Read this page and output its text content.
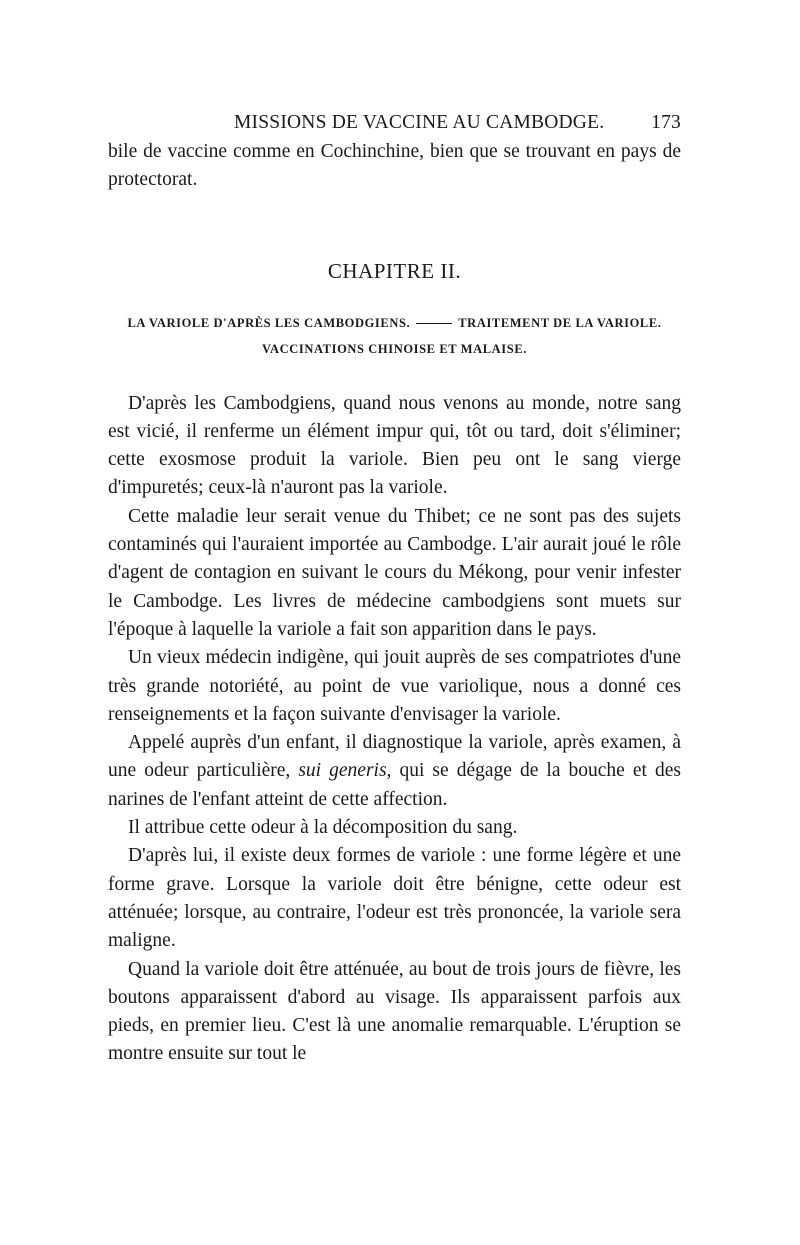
MISSIONS DE VACCINE AU CAMBODGE. 173

bile de vaccine comme en Cochinchine, bien que se trouvant en pays de protectorat.

CHAPITRE II.
LA VARIOLE D'APRÈS LES CAMBODGIENS.	TRAITEMENT DE LA VARIOLE.
VACCINATIONS CHINOISE ET MALAISE.

D'après les Cambodgiens, quand nous venons au monde, notre sang est vicié, il renferme un élément impur qui, tôt ou tard, doit s'éliminer; cette exosmose produit la variole. Bien peu ont le sang vierge d'impuretés; ceux-là n'auront pas la variole.

Cette maladie leur serait venue du Thibet; ce ne sont pas des sujets contaminés qui l'auraient importée au Cambodge. L'air aurait joué le rôle d'agent de contagion en suivant le cours du Mékong, pour venir infester le Cambodge. Les livres de médecine cambodgiens sont muets sur l'époque à laquelle la variole a fait son apparition dans le pays.

Un vieux médecin indigène, qui jouit auprès de ses compatriotes d'une très grande notoriété, au point de vue variolique, nous a donné ces renseignements et la façon suivante d'envisager la variole.

Appelé auprès d'un enfant, il diagnostique la variole, après examen, à une odeur particulière, sui generis, qui se dégage de la bouche et des narines de l'enfant atteint de cette affection.

Il attribue cette odeur à la décomposition du sang.

D'après lui, il existe deux formes de variole : une forme légère et une forme grave. Lorsque la variole doit être bénigne, cette odeur est atténuée; lorsque, au contraire, l'odeur est très prononcée, la variole sera maligne.

Quand la variole doit être atténuée, au bout de trois jours de fièvre, les boutons apparaissent d'abord au visage. Ils apparaissent parfois aux pieds, en premier lieu. C'est là une anomalie remarquable. L'éruption se montre ensuite sur tout le
